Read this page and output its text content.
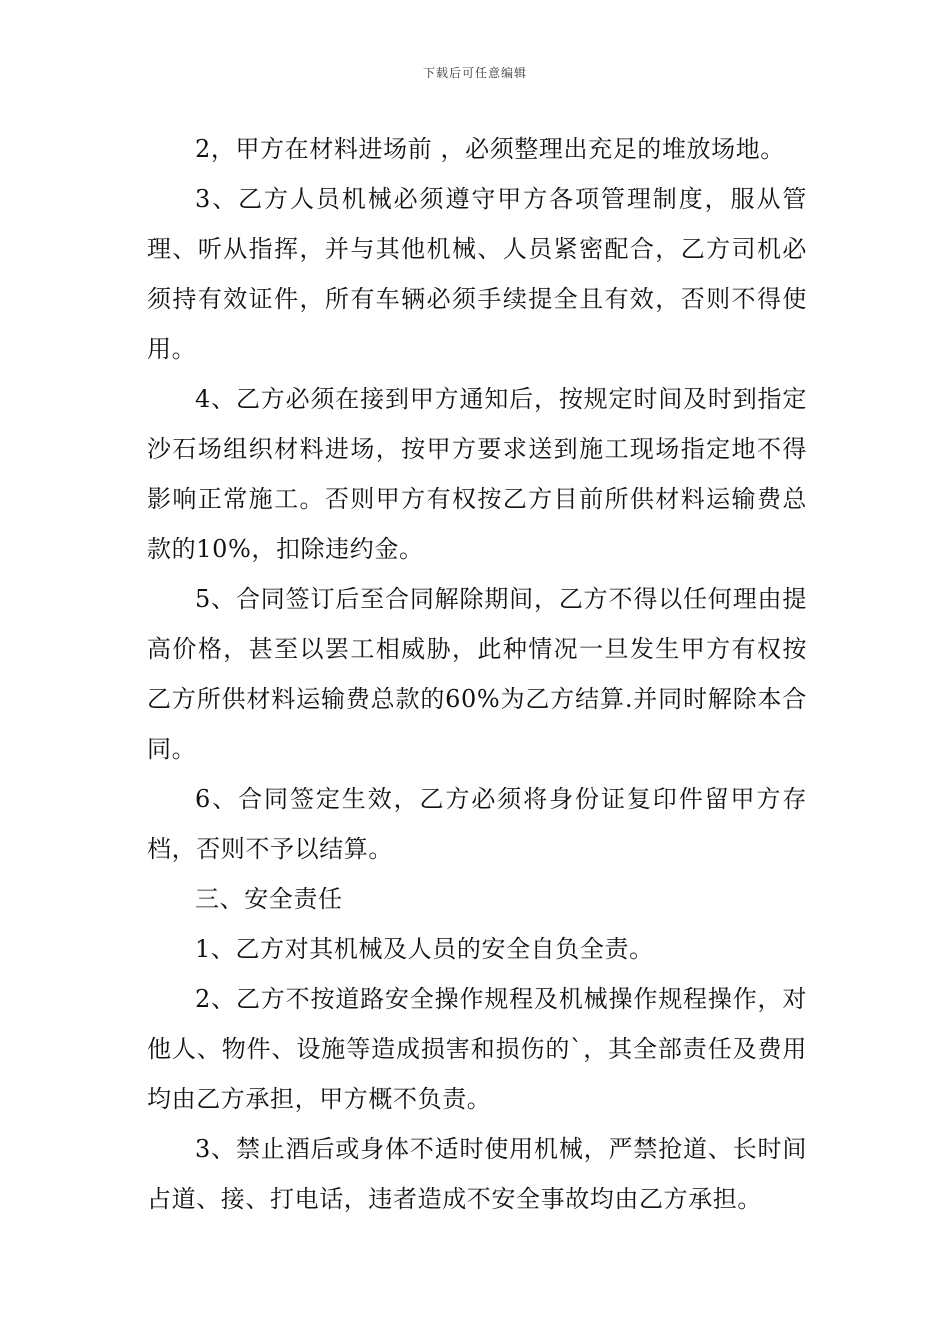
下载后可任意编辑

2，甲方在材料进场前 ，必须整理出充足的堆放场地。

3、乙方人员机械必须遵守甲方各项管理制度，服从管理、听从指挥，并与其他机械、人员紧密配合，乙方司机必须持有效证件，所有车辆必须手续提全且有效，否则不得使用。

4、乙方必须在接到甲方通知后，按规定时间及时到指定沙石场组织材料进场，按甲方要求送到施工现场指定地不得影响正常施工。否则甲方有权按乙方目前所供材料运输费总款的10%，扣除违约金。

5、合同签订后至合同解除期间，乙方不得以任何理由提高价格，甚至以罢工相威胁，此种情况一旦发生甲方有权按乙方所供材料运输费总款的60%为乙方结算.并同时解除本合同。

6、合同签定生效，乙方必须将身份证复印件留甲方存档，否则不予以结算。

三、安全责任

1、乙方对其机械及人员的安全自负全责。

2、乙方不按道路安全操作规程及机械操作规程操作，对他人、物件、设施等造成损害和损伤的`，其全部责任及费用均由乙方承担，甲方概不负责。

3、禁止酒后或身体不适时使用机械，严禁抢道、长时间占道、接、打电话，违者造成不安全事故均由乙方承担。
